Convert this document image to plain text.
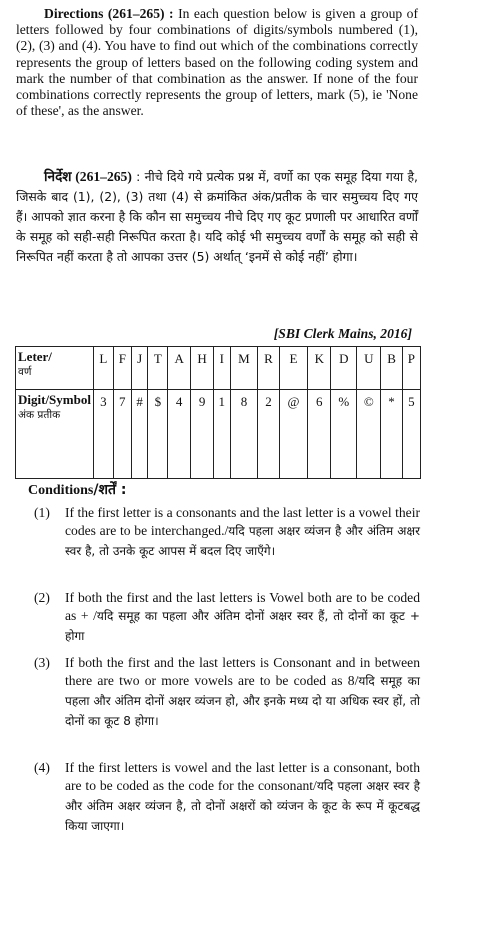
Directions (261–265) : In each question below is given a group of letters followed by four combinations of digits/symbols numbered (1), (2), (3) and (4). You have to find out which of the combinations correctly represents the group of letters based on the following coding system and mark the number of that combination as the answer. If none of the four combinations correctly represents the group of letters, mark (5), ie 'None of these', as the answer.
निर्देश (261–265) : नीचे दिये गये प्रत्येक प्रश्न में, वर्णो का एक समूह दिया गया है, जिसके बाद (1), (2), (3) तथा (4) से क्रमांकित अंक/प्रतीक के चार समुच्चय दिए गए हैं। आपको ज्ञात करना है कि कौन सा समुच्चय नीचे दिए गए कूट प्रणाली पर आधारित वर्णों के समूह को सही-सही निरूपित करता है। यदि कोई भी समुच्चय वर्णों के समूह को सही से निरूपित नहीं करता है तो आपका उत्तर (5) अर्थात् ‘इनमें से कोई नहीं’ होगा।
[SBI Clerk Mains, 2016]
Leter/
वर्ण	L	F	J	T	A	H	I	M	R	E	K	D	U	B	P
Digit/Symbol
अंक प्रतीक	3	7	#	$	4	9	1	8	2	@	6	%	©	*	5
Conditions/शर्तें :
(1)	If the first letter is a consonants and the last letter is a vowel their codes are to be interchanged./यदि पहला अक्षर व्यंजन है और अंतिम अक्षर स्वर है, तो उनके कूट आपस में बदल दिए जाएँगे।
(2)	If both the first and the last letters is Vowel both are to be coded as + /यदि समूह का पहला और अंतिम दोनों अक्षर स्वर हैं, तो दोनों का कूट + होगा
(3)	If both the first and the last letters is Consonant and in between there are two or more vowels are to be coded as 8/यदि समूह का पहला और अंतिम दोनों अक्षर व्यंजन हो, और इनके मध्य दो या अधिक स्वर हों, तो दोनों का कूट 8 होगा।
(4)	If the first letters is vowel and the last letter is a consonant, both are to be coded as the code for the consonant/यदि पहला अक्षर स्वर है और अंतिम अक्षर व्यंजन है, तो दोनों अक्षरों को व्यंजन के कूट के रूप में कूटबद्ध किया जाएगा।
